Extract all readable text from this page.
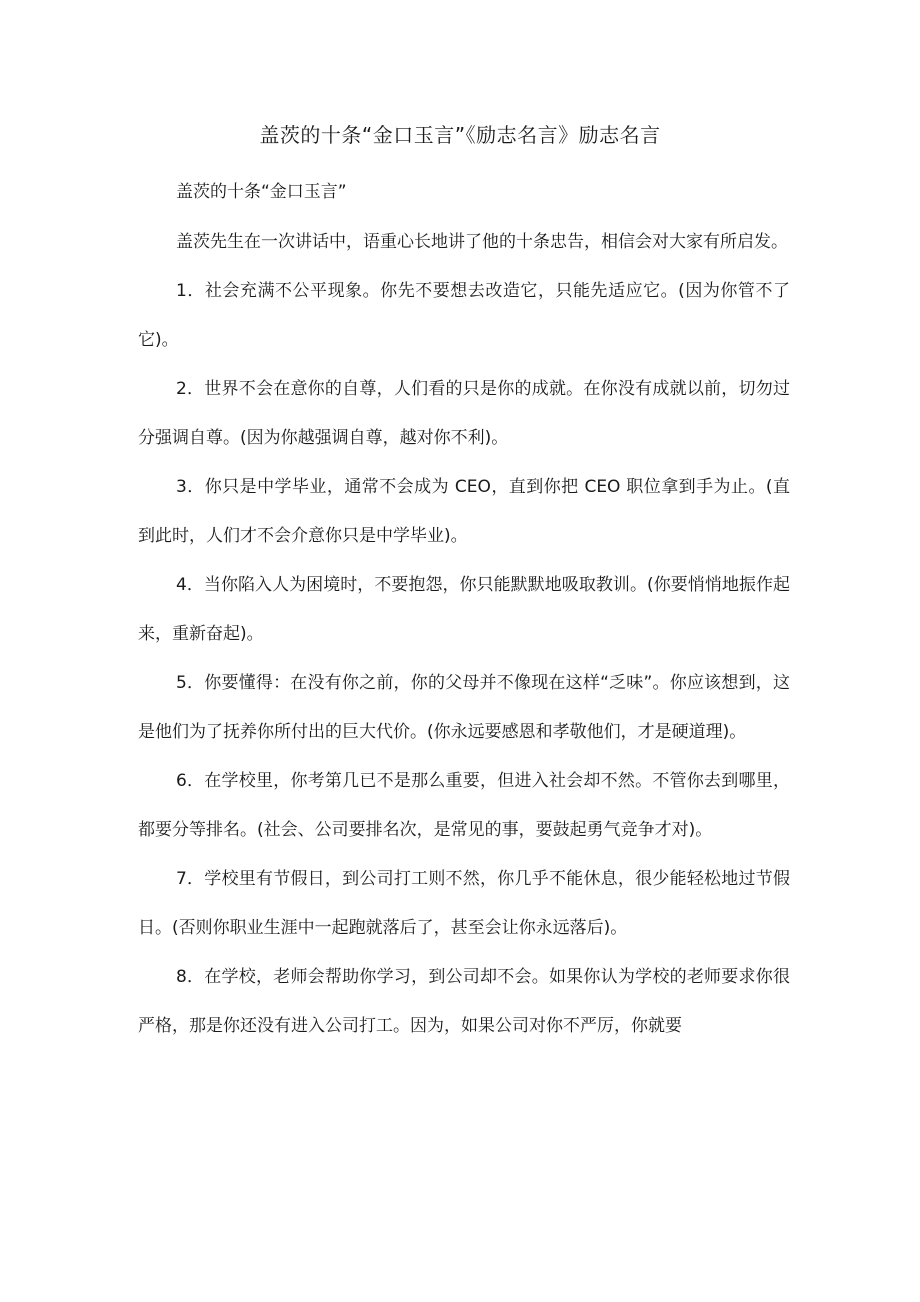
盖茨的十条“金口玉言”《励志名言》励志名言

盖茨的十条“金口玉言”

盖茨先生在一次讲话中，语重心长地讲了他的十条忠告，相信会对大家有所启发。

1．社会充满不公平现象。你先不要想去改造它，只能先适应它。(因为你管不了它)。

2．世界不会在意你的自尊，人们看的只是你的成就。在你没有成就以前，切勿过分强调自尊。(因为你越强调自尊，越对你不利)。

3．你只是中学毕业，通常不会成为 CEO，直到你把 CEO 职位拿到手为止。(直到此时，人们才不会介意你只是中学毕业)。

4．当你陷入人为困境时，不要抱怨，你只能默默地吸取教训。(你要悄悄地振作起来，重新奋起)。

5．你要懂得：在没有你之前，你的父母并不像现在这样“乏味”。你应该想到，这是他们为了抚养你所付出的巨大代价。(你永远要感恩和孝敬他们，才是硬道理)。

6．在学校里，你考第几已不是那么重要，但进入社会却不然。不管你去到哪里，都要分等排名。(社会、公司要排名次，是常见的事，要鼓起勇气竞争才对)。

7．学校里有节假日，到公司打工则不然，你几乎不能休息，很少能轻松地过节假日。(否则你职业生涯中一起跑就落后了，甚至会让你永远落后)。

8．在学校，老师会帮助你学习，到公司却不会。如果你认为学校的老师要求你很严格，那是你还没有进入公司打工。因为，如果公司对你不严厉，你就要
